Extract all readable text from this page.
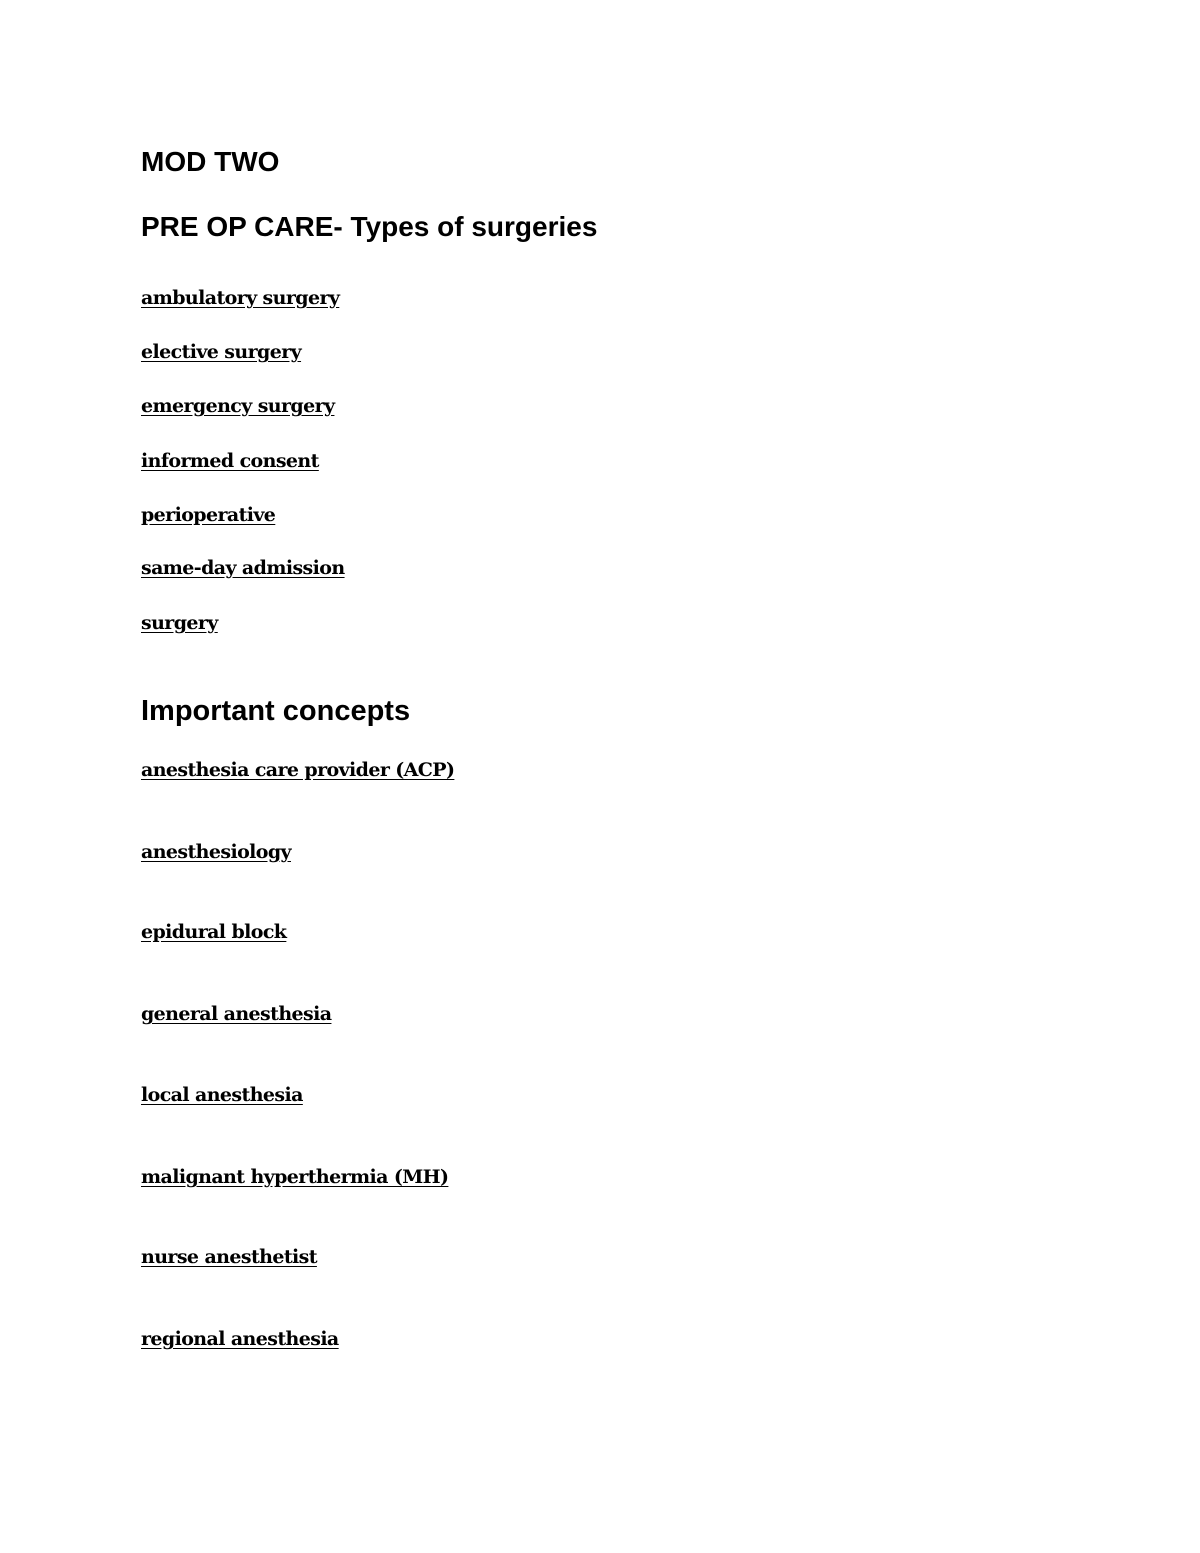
MOD TWO
PRE OP CARE- Types of surgeries

ambulatory surgery

elective surgery

emergency surgery

informed consent

perioperative

same-day admission

surgery

Important concepts

anesthesia care provider (ACP)

anesthesiology

epidural block

general anesthesia

local anesthesia

malignant hyperthermia (MH)

nurse anesthetist

regional anesthesia
